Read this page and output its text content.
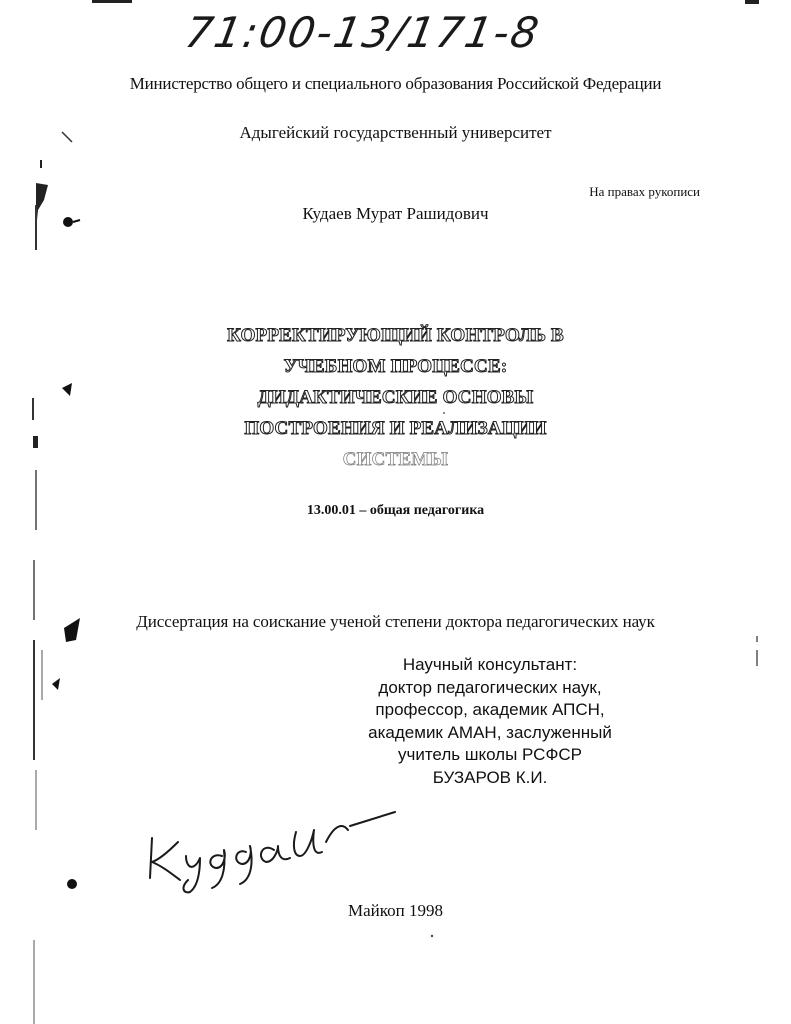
71:00-13/171-8
Министерство общего и специального образования Российской Федерации
Адыгейский государственный университет
На правах рукописи
Кудаев Мурат Рашидович
КОРРЕКТИРУЮЩИЙ КОНТРОЛЬ В
УЧЕБНОМ ПРОЦЕССЕ:
ДИДАКТИЧЕСКИЕ ОСНОВЫ
ПОСТРОЕНИЯ И РЕАЛИЗАЦИИ
СИСТЕМЫ
13.00.01 – общая педагогика
Диссертация на соискание ученой степени доктора педагогических наук
Научный консультант:
доктор педагогических наук,
профессор, академик АПСН,
академик АМАН, заслуженный
учитель школы РСФСР
БУЗАРОВ К.И.
Майкоп 1998
